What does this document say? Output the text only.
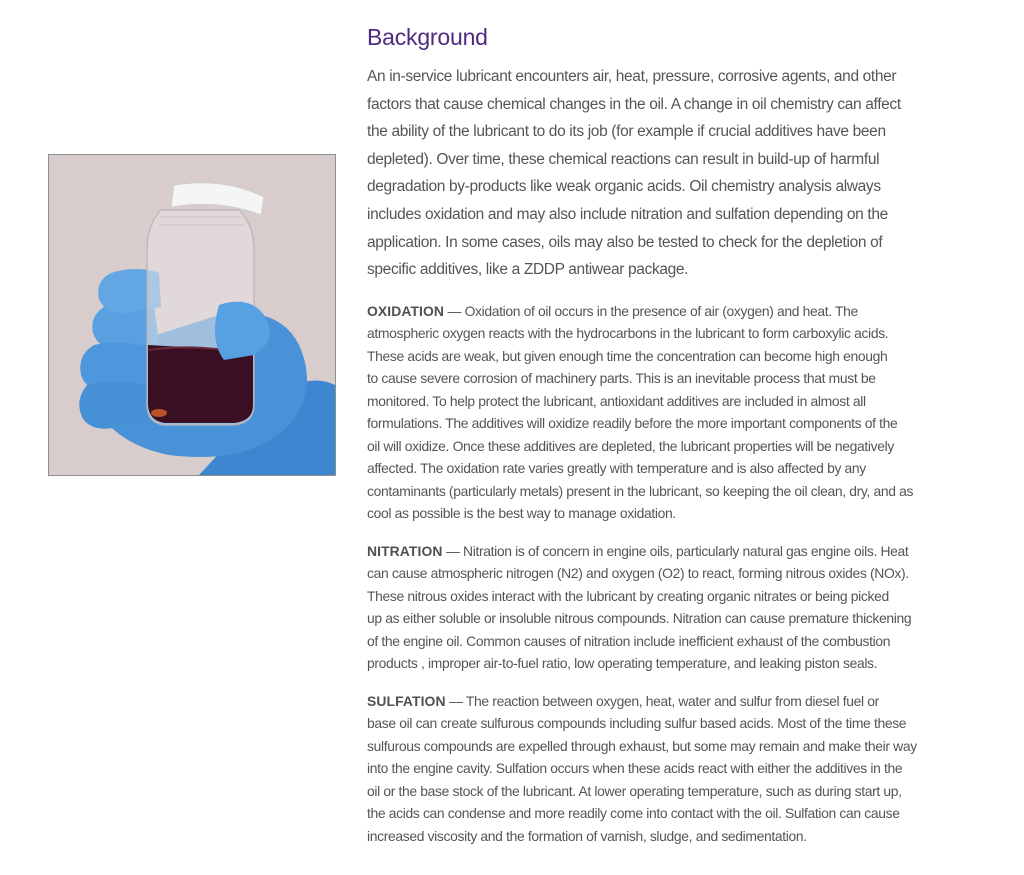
Background

An in-service lubricant encounters air, heat, pressure, corrosive agents, and other
factors that cause chemical changes in the oil. A change in oil chemistry can affect
the ability of the lubricant to do its job (for example if crucial additives have been
depleted). Over time, these chemical reactions can result in build-up of harmful
degradation by-products like weak organic acids. Oil chemistry analysis always
includes oxidation and may also include nitration and sulfation depending on the
application. In some cases, oils may also be tested to check for the depletion of
specific additives, like a ZDDP antiwear package.

OXIDATION — Oxidation of oil occurs in the presence of air (oxygen) and heat. The
atmospheric oxygen reacts with the hydrocarbons in the lubricant to form carboxylic acids.
These acids are weak, but given enough time the concentration can become high enough
to cause severe corrosion of machinery parts. This is an inevitable process that must be
monitored. To help protect the lubricant, antioxidant additives are included in almost all
formulations. The additives will oxidize readily before the more important components of the
oil will oxidize. Once these additives are depleted, the lubricant properties will be negatively
affected. The oxidation rate varies greatly with temperature and is also affected by any
contaminants (particularly metals) present in the lubricant, so keeping the oil clean, dry, and as
cool as possible is the best way to manage oxidation.

NITRATION — Nitration is of concern in engine oils, particularly natural gas engine oils. Heat
can cause atmospheric nitrogen (N2) and oxygen (O2) to react, forming nitrous oxides (NOx).
These nitrous oxides interact with the lubricant by creating organic nitrates or being picked
up as either soluble or insoluble nitrous compounds. Nitration can cause premature thickening
of the engine oil. Common causes of nitration include inefficient exhaust of the combustion
products , improper air-to-fuel ratio, low operating temperature, and leaking piston seals.

SULFATION — The reaction between oxygen, heat, water and sulfur from diesel fuel or
base oil can create sulfurous compounds including sulfur based acids. Most of the time these
sulfurous compounds are expelled through exhaust, but some may remain and make their way
into the engine cavity. Sulfation occurs when these acids react with either the additives in the
oil or the base stock of the lubricant. At lower operating temperature, such as during start up,
the acids can condense and more readily come into contact with the oil. Sulfation can cause
increased viscosity and the formation of varnish, sludge, and sedimentation.
